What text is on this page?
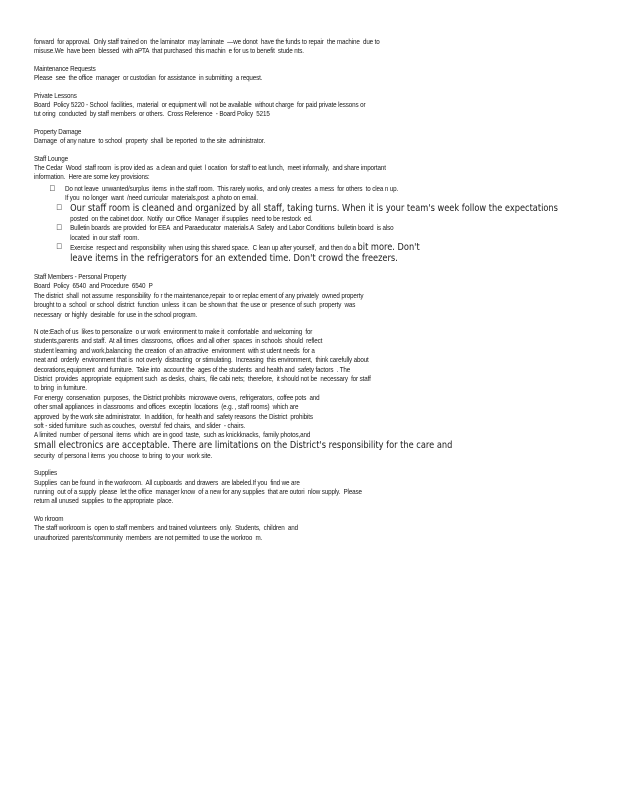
forward  for approval.  Only staff trained on  the laminator  may laminate  —we donot  have the funds to repair  the machine  due to
misuse.We  have been  blessed  with aPTA  that purchased  this machin  e for us to benefit  stude nts.
Maintenance Requests
Please  see  the office  manager  or custodian  for assistance  in submitting  a request.
Private Lessons
Board  Policy 5220 - School  facilities,  material  or equipment will  not be available  without charge  for paid private lessons or
tut oring  conducted  by staff members  or others.  Cross Reference  - Board Policy  5215
Property Damage
Damage  of any nature  to school  property  shall  be reported  to the site  administrator.
Staff Lounge
The Cedar  Wood  staff room  is prov ided as  a clean and quiet  l ocation  for staff to eat lunch,  meet informally,  and share important
information.  Here are some key provisions:
□ Do not leave  unwanted/surplus  items  in the staff room.  This rarely works,  and only creates  a mess  for others  to clea n up.
If you  no longer  want  /need curricular  materials,post  a photo on email.
□ Our staff room is cleaned and organized by all staff, taking turns. When it is your team's week follow the expectations
posted  on the cabinet door.  Notify  our Office  Manager  if supplies  need to be restock  ed.
□ Bulletin boards  are provided  for EEA  and Paraeducator  materials.A  Safety  and Labor Conditions  bulletin board  is also
located  in our staff  room.
□ Exercise  respect and  responsibility  when using this shared space.  C lean up after yourself,  and then do a bit more. Don't
leave items in the refrigerators for an extended time. Don't crowd the freezers.
Staff Members - Personal Property
Board  Policy  6540  and Procedure  6540  P
The district  shall  not assume  responsibility  fo r the maintenance,repair  to or replac ement of any privately  owned property
brought to a  school  or school  district  function  unless  it can  be shown that  the use or  presence of such  property  was
necessary  or highly  desirable  for use in the school program.
N ote:Each of us  likes to personalize  o ur work  environment to make it  comfortable  and welcoming  for
students,parents  and staff.  At all times  classrooms,  offices  and all other  spaces  in schools  should  reflect
student learning  and work,balancing  the creation  of an attractive  environment  with st udent needs  for a
neat and  orderly  environment that is  not overly  distracting  or stimulating.  Increasing  this environment,  think carefully about
decorations,equipment  and furniture.  Take into  account the  ages of the students  and health and  safety factors  . The
District  provides  appropriate  equipment such  as desks,  chairs,  file cabi nets;  therefore,  it should not be  necessary  for staff
to bring  in furniture.
For energy  conservation  purposes,  the District prohibits  microwave ovens,  refrigerators,  coffee pots  and
other small appliances  in classrooms  and offices  exceptin  locations  (e.g. , staff rooms)  which are
approved  by the work site administrator.  In addition,  for health and  safety reasons  the District  prohibits
soft - sided furniture  such as couches,  overstuf  fed chairs,  and slider  - chairs.
A limited  number  of personal  items  which  are in good  taste,  such as knickknacks,  family photos,and
small electronics are acceptable. There are limitations on the District's responsibility for the care and
security  of persona l items  you choose  to bring  to your  work site.
Supplies
Supplies  can be found  in the workroom.  All cupboards  and drawers  are labeled.If you  find we are
running  out of a supply  please  let the office  manager know  of a new for any supplies  that are outori  nlow supply.  Please
return all unused  supplies  to the appropriate  place.
Wo rkroom
The staff workroom is  open to staff members  and trained volunteers  only.  Students,  children  and
unauthorized  parents/community  members  are not permitted  to use the workroo  m.
